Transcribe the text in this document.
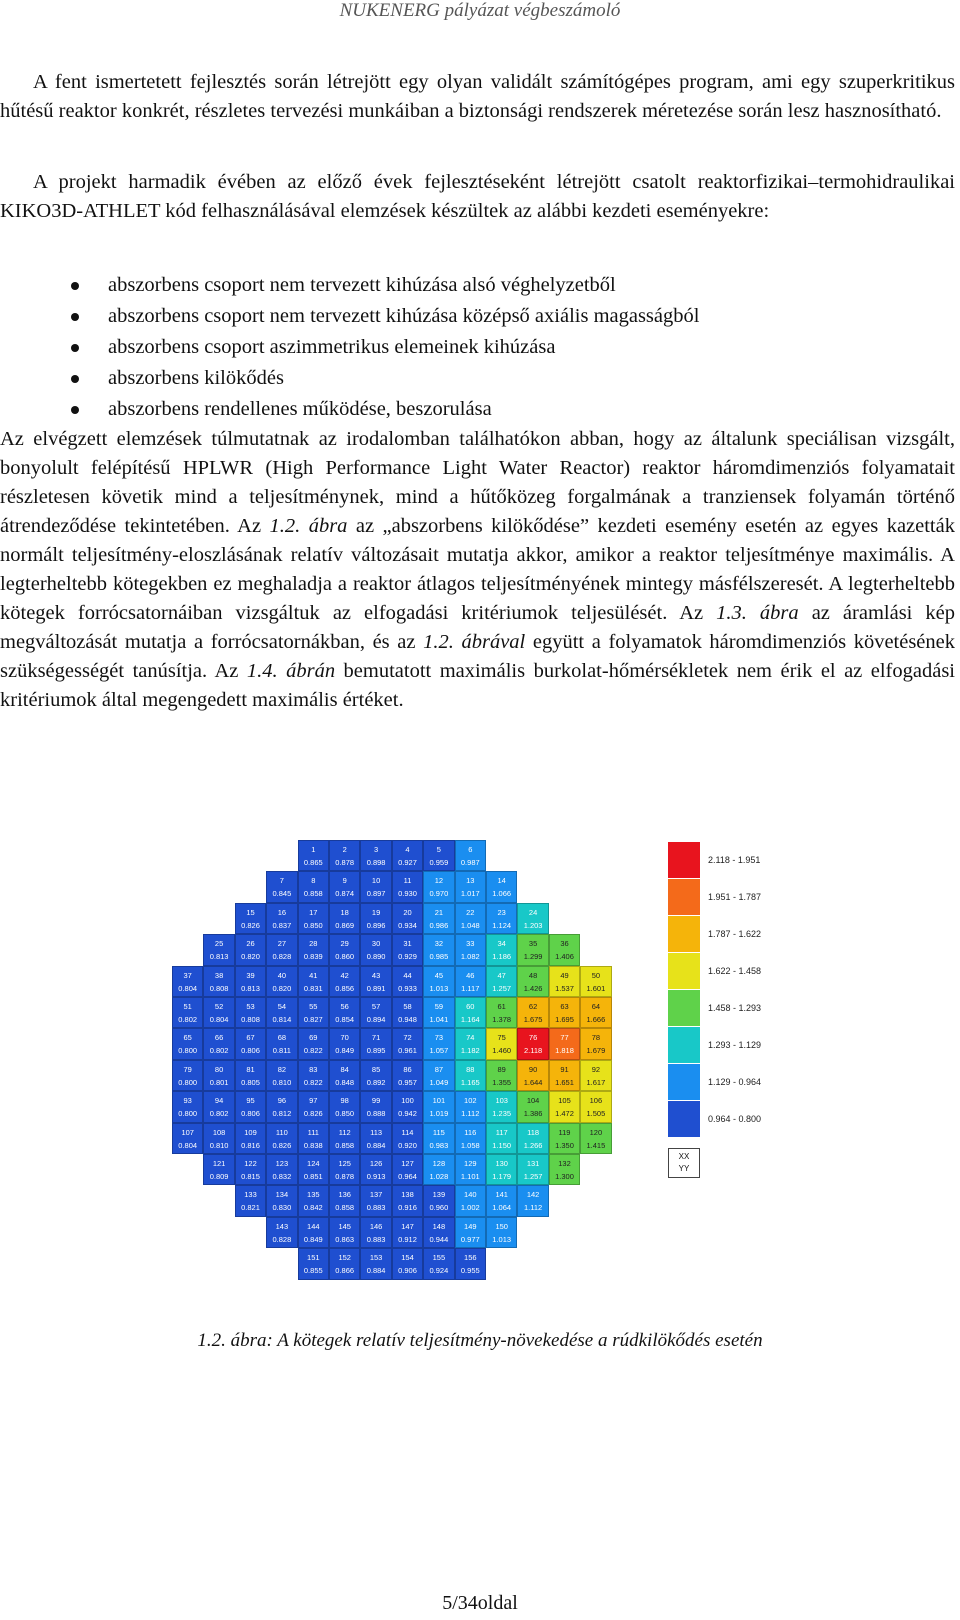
NUKENERG pályázat végbeszámoló

A fent ismertetett fejlesztés során létrejött egy olyan validált számítógépes program, ami egy szuperkritikus hűtésű reaktor konkrét, részletes tervezési munkáiban a biztonsági rendszerek méretezése során lesz hasznosítható.

A projekt harmadik évében az előző évek fejlesztéseként létrejött csatolt reaktorfizikai–termohidraulikai KIKO3D-ATHLET kód felhasználásával elemzések készültek az alábbi kezdeti eseményekre:

abszorbens csoport nem tervezett kihúzása alsó véghelyzetből
abszorbens csoport nem tervezett kihúzása középső axiális magasságból
abszorbens csoport aszimmetrikus elemeinek kihúzása
abszorbens kilökődés
abszorbens rendellenes működése, beszorulása

Az elvégzett elemzések túlmutatnak az irodalomban találhatókon abban, hogy az általunk speciálisan vizsgált, bonyolult felépítésű HPLWR (High Performance Light Water Reactor) reaktor háromdimenziós folyamatait részletesen követik mind a teljesítménynek, mind a hűtőközeg forgalmának a tranziensek folyamán történő átrendeződése tekintetében. Az 1.2. ábra az „abszorbens kilökődése” kezdeti esemény esetén az egyes kazetták normált teljesítmény-eloszlásának relatív változásait mutatja akkor, amikor a reaktor teljesítménye maximális. A legterheltebb kötegekben ez meghaladja a reaktor átlagos teljesítményének mintegy másfélszeresét. A legterheltebb kötegek forrócsatornáiban vizsgáltuk az elfogadási kritériumok teljesülését. Az 1.3. ábra az áramlási kép megváltozását mutatja a forrócsatornákban, és az 1.2. ábrával együtt a folyamatok háromdimenziós követésének szükségességét tanúsítja. Az 1.4. ábrán bemutatott maximális burkolat-hőmérsékletek nem érik el az elfogadási kritériumok által megengedett maximális értéket.

1
0.865
2
0.878
3
0.898
4
0.927
5
0.959
6
0.987
7
0.845
8
0.858
9
0.874
10
0.897
11
0.930
12
0.970
13
1.017
14
1.066
15
0.826
16
0.837
17
0.850
18
0.869
19
0.896
20
0.934
21
0.986
22
1.048
23
1.124
24
1.203
25
0.813
26
0.820
27
0.828
28
0.839
29
0.860
30
0.890
31
0.929
32
0.985
33
1.082
34
1.186
35
1.299
36
1.406
37
0.804
38
0.808
39
0.813
40
0.820
41
0.831
42
0.856
43
0.891
44
0.933
45
1.013
46
1.117
47
1.257
48
1.426
49
1.537
50
1.601
51
0.802
52
0.804
53
0.808
54
0.814
55
0.827
56
0.854
57
0.894
58
0.948
59
1.041
60
1.164
61
1.378
62
1.675
63
1.695
64
1.666
65
0.800
66
0.802
67
0.806
68
0.811
69
0.822
70
0.849
71
0.895
72
0.961
73
1.057
74
1.182
75
1.460
76
2.118
77
1.818
78
1.679
79
0.800
80
0.801
81
0.805
82
0.810
83
0.822
84
0.848
85
0.892
86
0.957
87
1.049
88
1.165
89
1.355
90
1.644
91
1.651
92
1.617
93
0.800
94
0.802
95
0.806
96
0.812
97
0.826
98
0.850
99
0.888
100
0.942
101
1.019
102
1.112
103
1.235
104
1.386
105
1.472
106
1.505
107
0.804
108
0.810
109
0.816
110
0.826
111
0.838
112
0.858
113
0.884
114
0.920
115
0.983
116
1.058
117
1.150
118
1.266
119
1.350
120
1.415
121
0.809
122
0.815
123
0.832
124
0.851
125
0.878
126
0.913
127
0.964
128
1.028
129
1.101
130
1.179
131
1.257
132
1.300
133
0.821
134
0.830
135
0.842
136
0.858
137
0.883
138
0.916
139
0.960
140
1.002
141
1.064
142
1.112
143
0.828
144
0.849
145
0.863
146
0.883
147
0.912
148
0.944
149
0.977
150
1.013
151
0.855
152
0.866
153
0.884
154
0.906
155
0.924
156
0.955
2.118 - 1.951
1.951 - 1.787
1.787 - 1.622
1.622 - 1.458
1.458 - 1.293
1.293 - 1.129
1.129 - 0.964
0.964 - 0.800
XX
YY
1.2. ábra: A kötegek relatív teljesítmény-növekedése a rúdkilökődés esetén
5/34oldal
